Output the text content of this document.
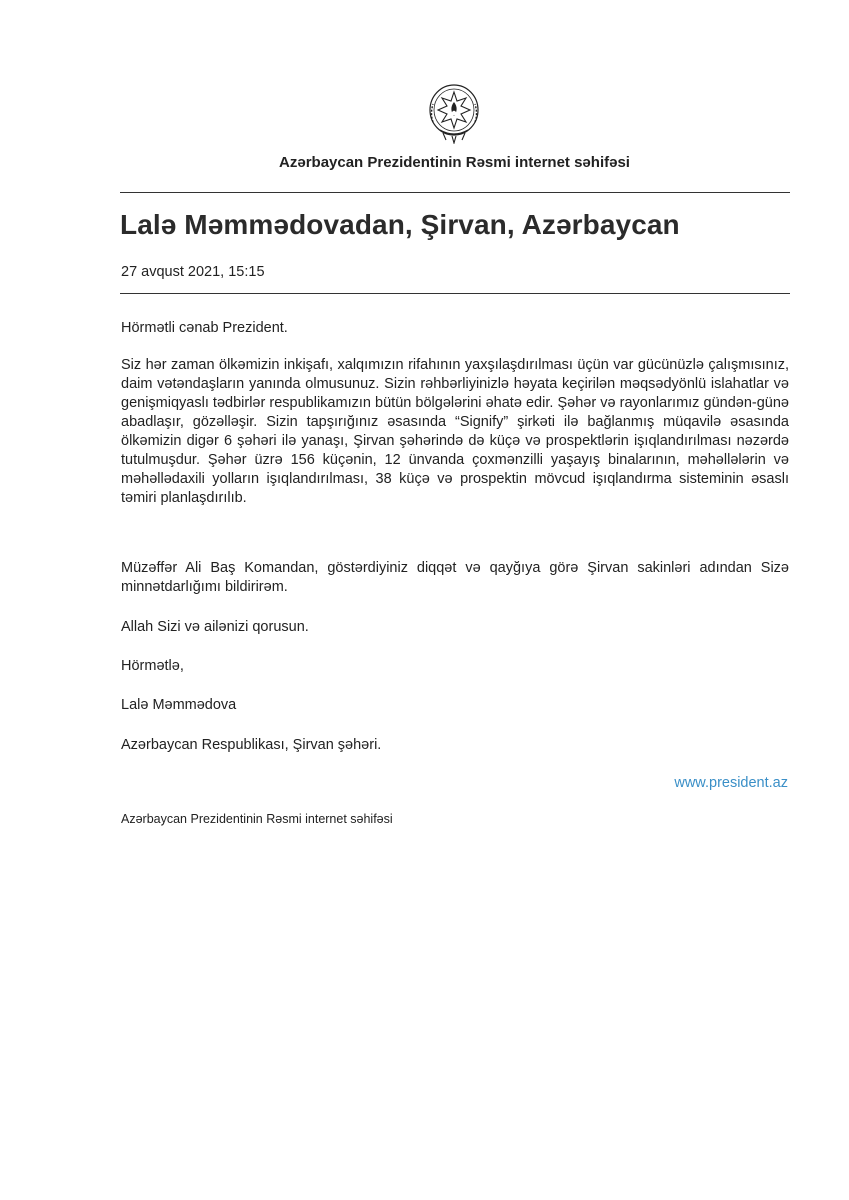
Azərbaycan Prezidentinin Rəsmi internet səhifəsi
Lalə Məmmədovadan, Şirvan, Azərbaycan
27 avqust 2021, 15:15
Hörmətli cənab Prezident.
Siz hər zaman ölkəmizin inkişafı, xalqımızın rifahının yaxşılaşdırılması üçün var gücünüzlə çalışmısınız, daim vətəndaşların yanında olmusunuz. Sizin rəhbərliyinizlə həyata keçirilən məqsədyönlü islahatlar və genişmiqyaslı tədbirlər respublikamızın bütün bölgələrini əhatə edir. Şəhər və rayonlarımız gündən-günə abadlaşır, gözəlləşir. Sizin tapşırığınız əsasında “Signify” şirkəti ilə bağlanmış müqavilə əsasında ölkəmizin digər 6 şəhəri ilə yanaşı, Şirvan şəhərində də küçə və prospektlərin işıqlandırılması nəzərdə tutulmuşdur. Şəhər üzrə 156 küçənin, 12 ünvanda çoxmənzilli yaşayış binalarının, məhəllələrin və məhəllədaxili yolların işıqlandırılması, 38 küçə və prospektin mövcud işıqlandırma sisteminin əsaslı təmiri planlaşdırılıb.
Müzəffər Ali Baş Komandan, göstərdiyiniz diqqət və qayğıya görə Şirvan sakinləri adından Sizə minnətdarlığımı bildirirəm.
Allah Sizi və ailənizi qorusun.
Hörmətlə,
Lalə Məmmədova
Azərbaycan Respublikası, Şirvan şəhəri.
www.president.az
Azərbaycan Prezidentinin Rəsmi internet səhifəsi
